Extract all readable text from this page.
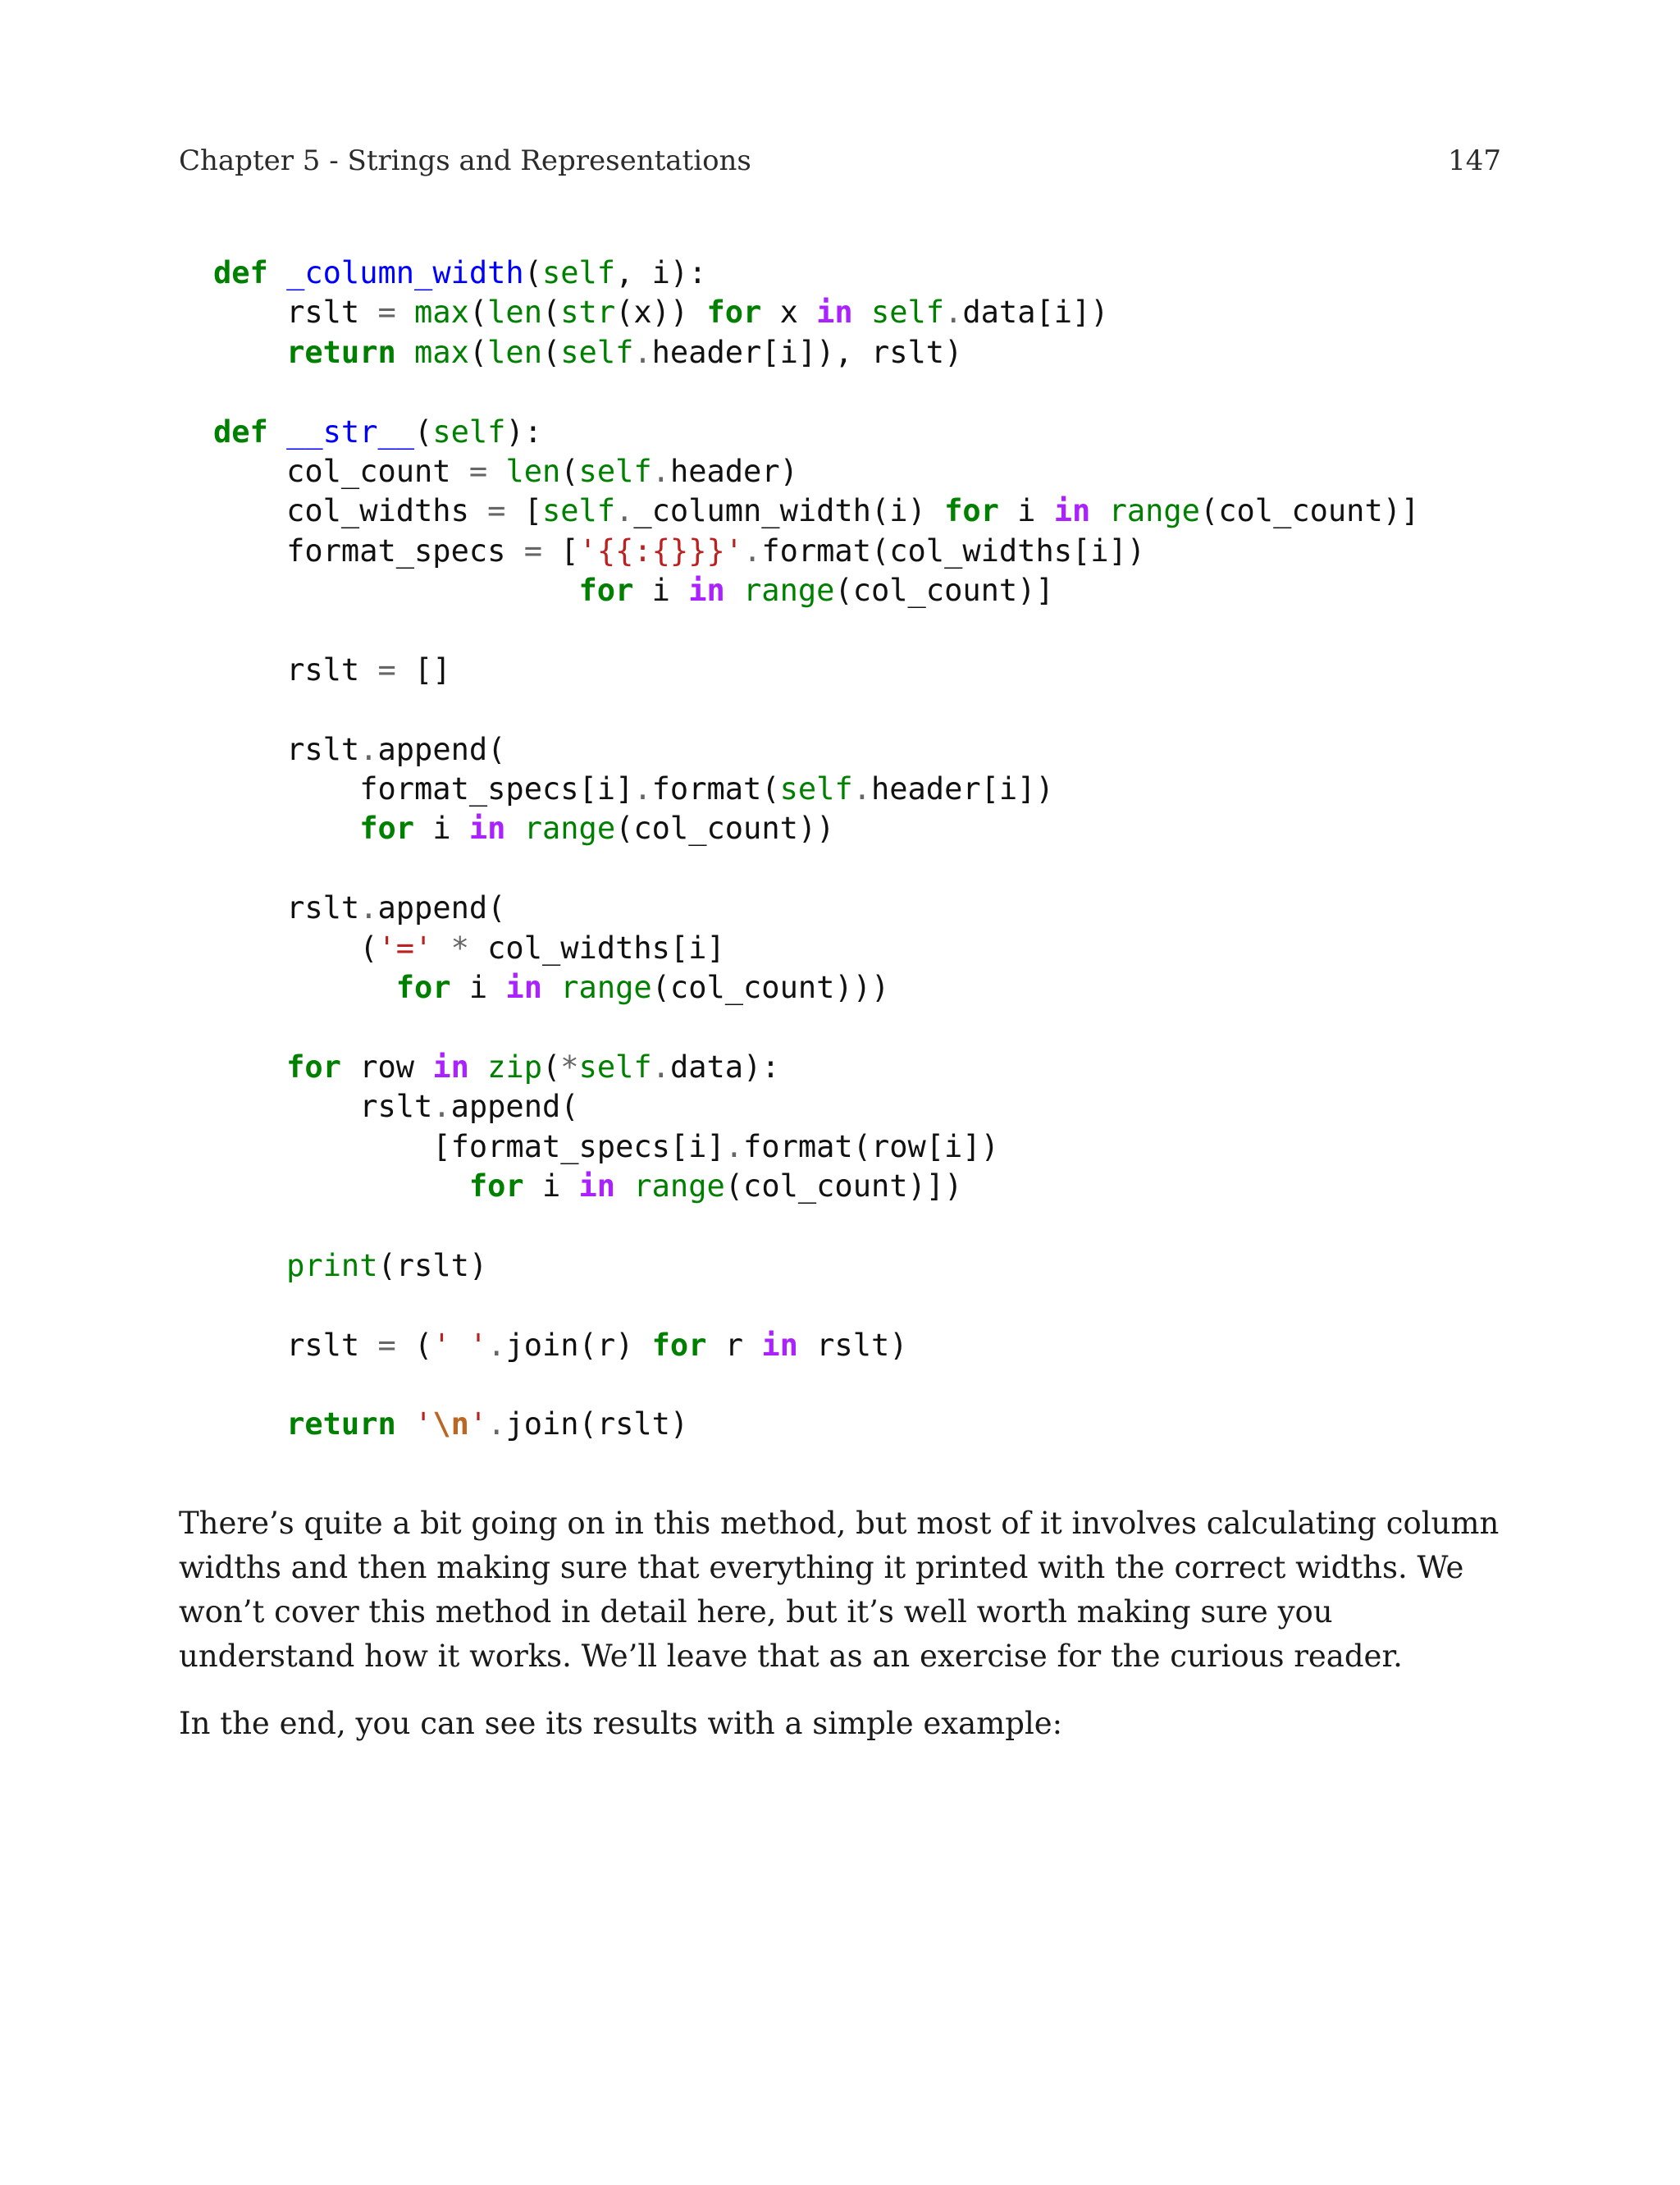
Chapter 5 - Strings and Representations	147
def _column_width(self, i):
rslt = max(len(str(x)) for x in self.data[i])
return max(len(self.header[i]), rslt)
def __str__(self):
col_count = len(self.header)
col_widths = [self._column_width(i) for i in range(col_count)]
format_specs = ['{{:{}}}'.format(col_widths[i])
for i in range(col_count)]
rslt = []
rslt.append(
format_specs[i].format(self.header[i])
for i in range(col_count))
rslt.append(
('=' * col_widths[i]
for i in range(col_count)))
for row in zip(*self.data):
rslt.append(
[format_specs[i].format(row[i])
for i in range(col_count)])
print(rslt)
rslt = (' '.join(r) for r in rslt)
return '\n'.join(rslt)

There’s quite a bit going on in this method, but most of it involves calculating column widths and then making sure that everything it printed with the correct widths. We won’t cover this method in detail here, but it’s well worth making sure you understand how it works. We’ll leave that as an exercise for the curious reader.

In the end, you can see its results with a simple example:
